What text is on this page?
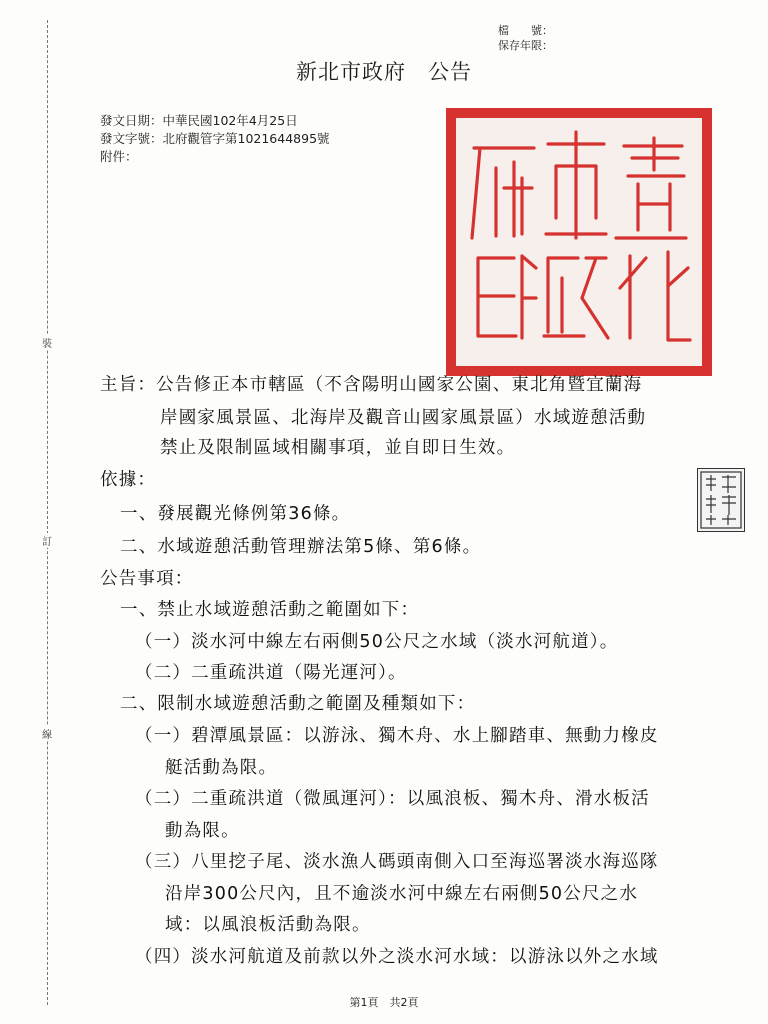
裝
訂
線
檔　　號：
保存年限：
新北市政府　公告
發文日期：中華民國102年4月25日
發文字號：北府觀管字第1021644895號
附件：
主旨：公告修正本市轄區（不含陽明山國家公園、東北角暨宜蘭海
岸國家風景區、北海岸及觀音山國家風景區）水域遊憩活動
禁止及限制區域相關事項，並自即日生效。
依據：
一、發展觀光條例第36條。
二、水域遊憩活動管理辦法第5條、第6條。
公告事項：
一、禁止水域遊憩活動之範圍如下：
（一）淡水河中線左右兩側50公尺之水域（淡水河航道）。
（二）二重疏洪道（陽光運河）。
二、限制水域遊憩活動之範圍及種類如下：
（一）碧潭風景區：以游泳、獨木舟、水上腳踏車、無動力橡皮
艇活動為限。
（二）二重疏洪道（微風運河）：以風浪板、獨木舟、滑水板活
動為限。
（三）八里挖子尾、淡水漁人碼頭南側入口至海巡署淡水海巡隊
沿岸300公尺內，且不逾淡水河中線左右兩側50公尺之水
域：以風浪板活動為限。
（四）淡水河航道及前款以外之淡水河水域：以游泳以外之水域
第1頁　共2頁
